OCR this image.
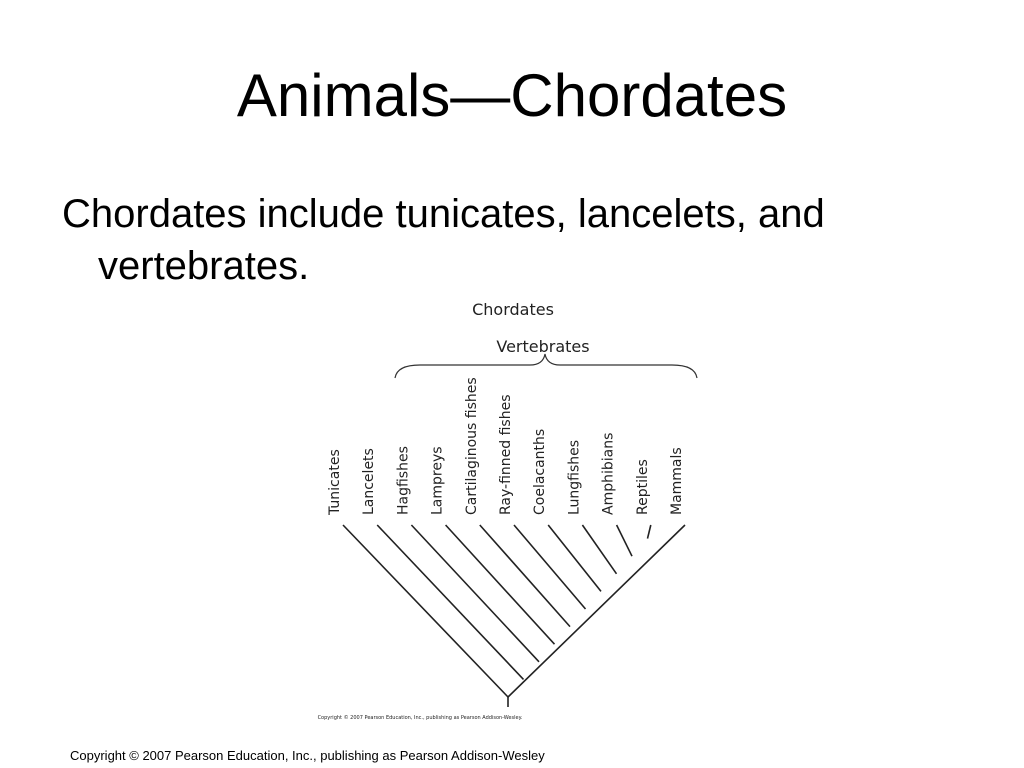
Animals—Chordates
Chordates include tunicates, lancelets, and
vertebrates.
Chordates
Vertebrates
Tunicates Lancelets Hagfishes Lampreys Cartilaginous fishes Ray-finned fishes Coelacanths Lungfishes Amphibians Reptiles Mammals
Copyright © 2007 Pearson Education, Inc., publishing as Pearson Addison-Wesley.
Copyright © 2007 Pearson Education, Inc., publishing as Pearson Addison-Wesley
